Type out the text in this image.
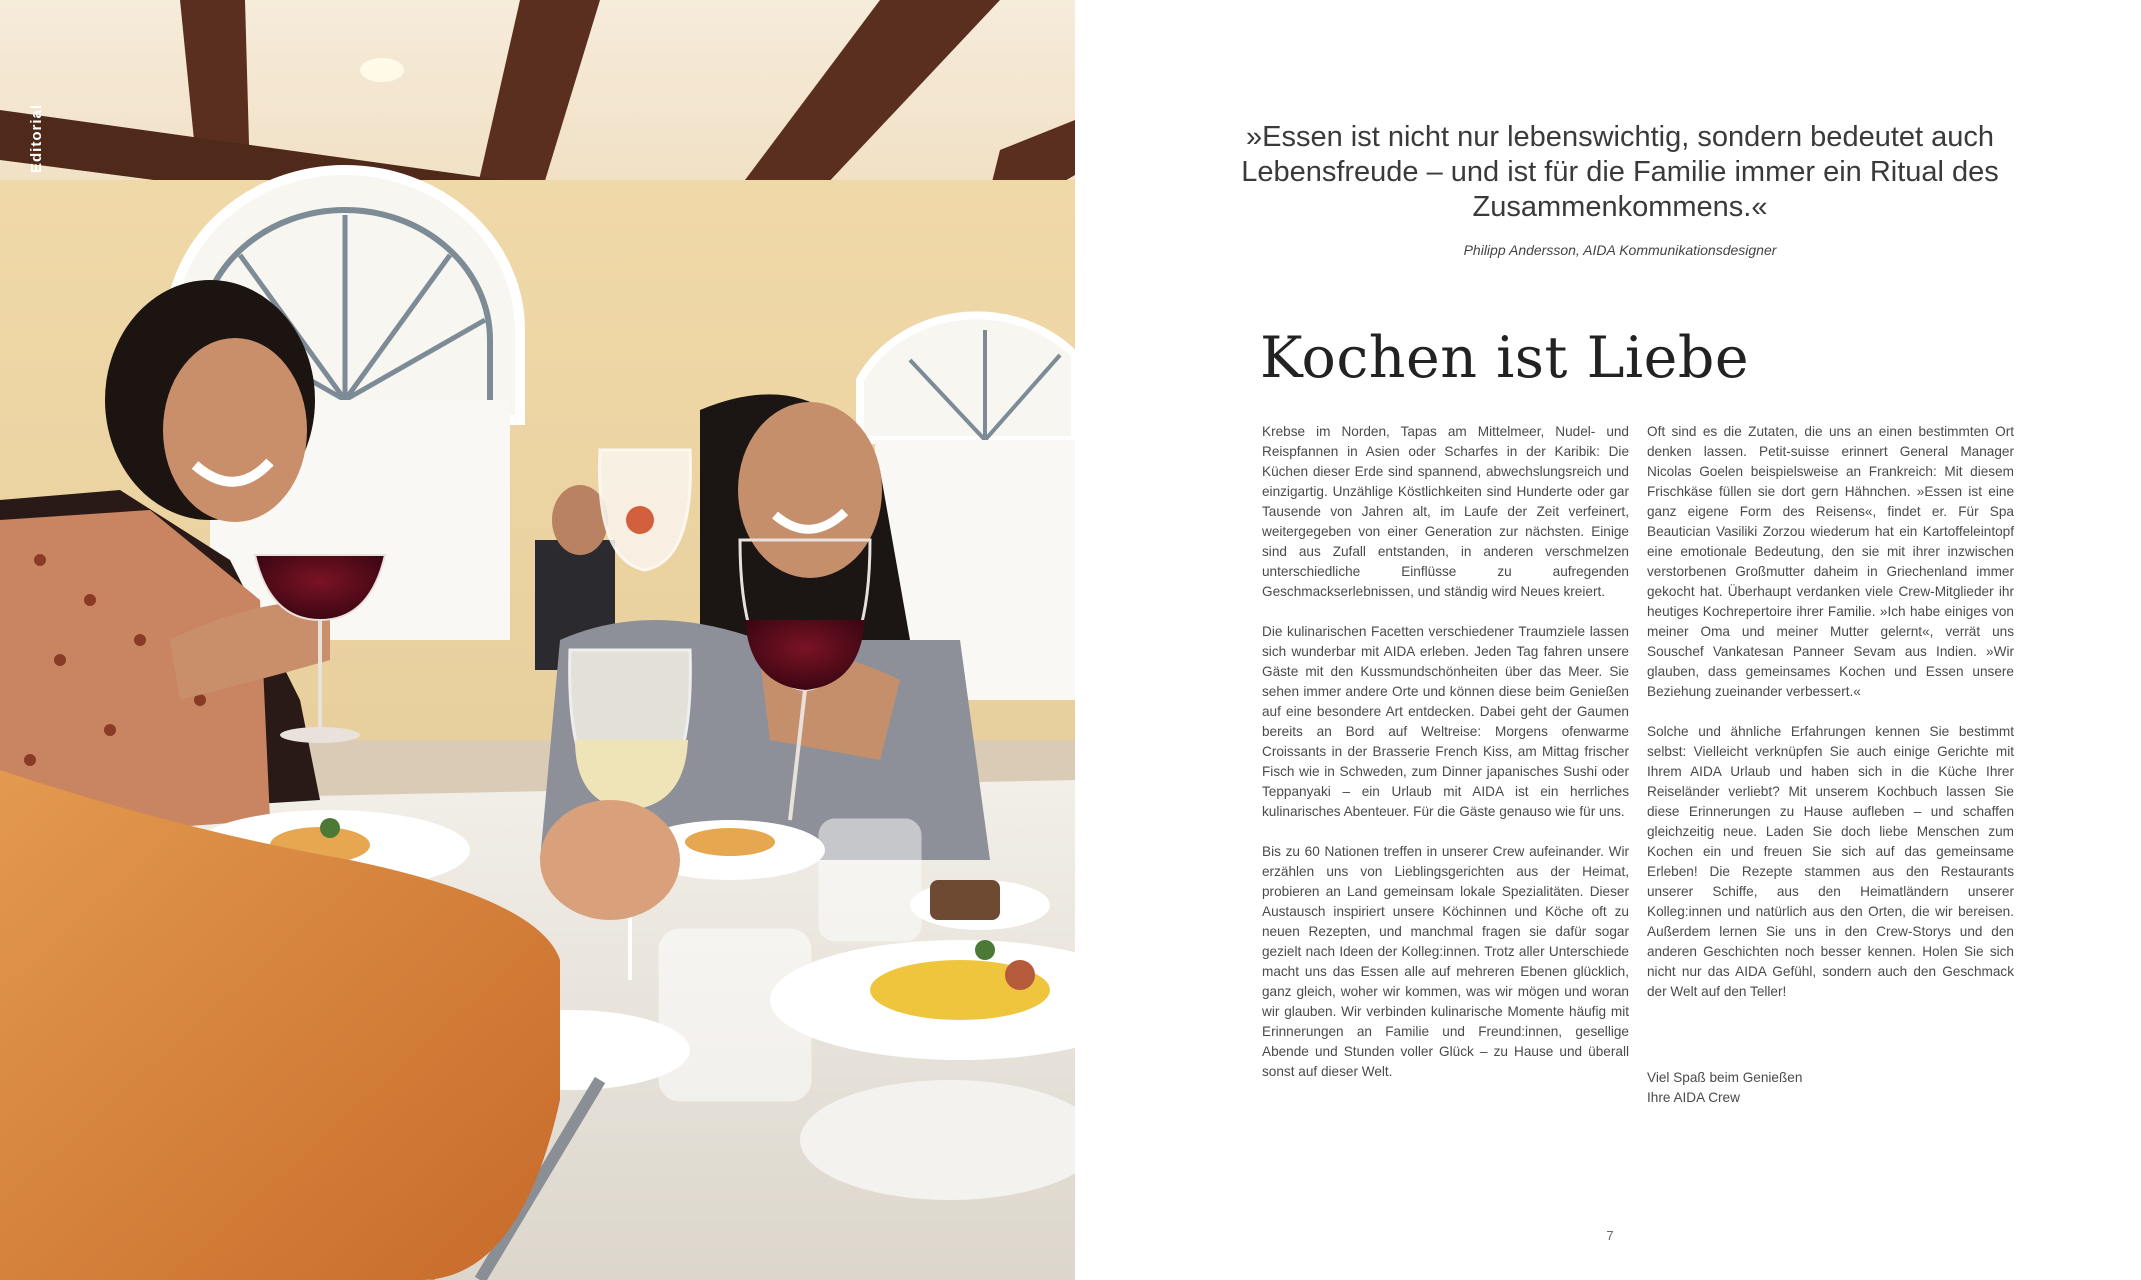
Editorial	»Essen ist nicht nur lebenswichtig, sondern bedeutet auch Lebensfreude – und ist für die Familie immer ein Ritual des Zusammenkommens.«
Philipp Andersson, AIDA Kommunikationsdesigner
Kochen ist Liebe

Krebse im Norden, Tapas am Mittelmeer, Nudel- und Reispfannen in Asien oder Scharfes in der Karibik: Die Küchen dieser Erde sind spannend, abwechslungsreich und einzigartig. Unzählige Köstlichkeiten sind Hunderte oder gar Tausende von Jahren alt, im Laufe der Zeit verfeinert, weitergegeben von einer Generation zur nächsten. Einige sind aus Zufall entstanden, in anderen verschmelzen unterschiedliche Einflüsse zu aufregenden Geschmackserlebnissen, und ständig wird Neues kreiert.

Die kulinarischen Facetten verschiedener Traumziele lassen sich wunderbar mit AIDA erleben. Jeden Tag fahren unsere Gäste mit den Kussmundschönheiten über das Meer. Sie sehen immer andere Orte und können diese beim Genießen auf eine besondere Art entdecken. Dabei geht der Gaumen bereits an Bord auf Weltreise: Morgens ofenwarme Croissants in der Brasserie French Kiss, am Mittag frischer Fisch wie in Schweden, zum Dinner japanisches Sushi oder Teppanyaki – ein Urlaub mit AIDA ist ein herrliches kulinarisches Abenteuer. Für die Gäste genauso wie für uns.

Bis zu 60 Nationen treffen in unserer Crew aufeinander. Wir erzählen uns von Lieblingsgerichten aus der Heimat, probieren an Land gemeinsam lokale Spezialitäten. Dieser Austausch inspiriert unsere Köchinnen und Köche oft zu neuen Rezepten, und manchmal fragen sie dafür sogar gezielt nach Ideen der Kolleg:innen. Trotz aller Unterschiede macht uns das Essen alle auf mehreren Ebenen glücklich, ganz gleich, woher wir kommen, was wir mögen und woran wir glauben. Wir verbinden kulinarische Momente häufig mit Erinnerungen an Familie und Freund:innen, gesellige Abende und Stunden voller Glück – zu Hause und überall sonst auf dieser Welt.

Oft sind es die Zutaten, die uns an einen bestimmten Ort denken lassen. Petit-suisse erinnert General Manager Nicolas Goelen beispielsweise an Frankreich: Mit diesem Frischkäse füllen sie dort gern Hähnchen. »Essen ist eine ganz eigene Form des Reisens«, findet er. Für Spa Beautician Vasiliki Zorzou wiederum hat ein Kartoffeleintopf eine emotionale Bedeutung, den sie mit ihrer inzwischen verstorbenen Großmutter daheim in Griechenland immer gekocht hat. Überhaupt verdanken viele Crew-Mitglieder ihr heutiges Kochrepertoire ihrer Familie. »Ich habe einiges von meiner Oma und meiner Mutter gelernt«, verrät uns Souschef Vankatesan Panneer Sevam aus Indien. »Wir glauben, dass gemeinsames Kochen und Essen unsere Beziehung zueinander verbessert.«

Solche und ähnliche Erfahrungen kennen Sie bestimmt selbst: Vielleicht verknüpfen Sie auch einige Gerichte mit Ihrem AIDA Urlaub und haben sich in die Küche Ihrer Reiseländer verliebt? Mit unserem Kochbuch lassen Sie diese Erinnerungen zu Hause aufleben – und schaffen gleichzeitig neue. Laden Sie doch liebe Menschen zum Kochen ein und freuen Sie sich auf das gemeinsame Erleben! Die Rezepte stammen aus den Restaurants unserer Schiffe, aus den Heimatländern unserer Kolleg:innen und natürlich aus den Orten, die wir bereisen. Außerdem lernen Sie uns in den Crew-Storys und den anderen Geschichten noch besser kennen. Holen Sie sich nicht nur das AIDA Gefühl, sondern auch den Geschmack der Welt auf den Teller!

Viel Spaß beim Genießen
Ihre AIDA Crew
7
